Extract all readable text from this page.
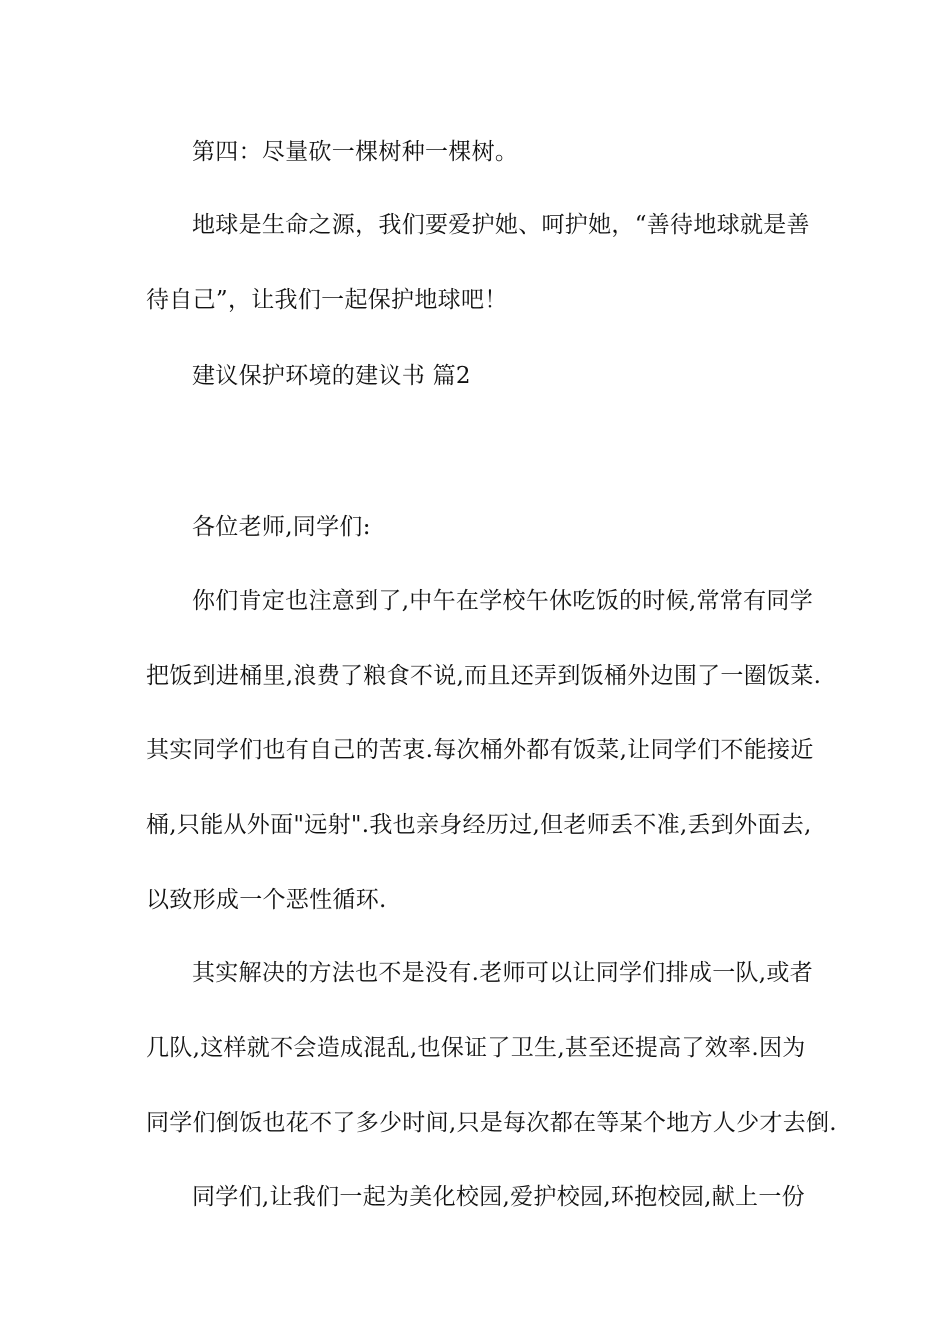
第四：尽量砍一棵树种一棵树。
地球是生命之源，我们要爱护她、呵护她，“善待地球就是善
待自己”，让我们一起保护地球吧！
建议保护环境的建议书 篇2
各位老师,同学们:
你们肯定也注意到了,中午在学校午休吃饭的时候,常常有同学
把饭到进桶里,浪费了粮食不说,而且还弄到饭桶外边围了一圈饭菜.
其实同学们也有自己的苦衷.每次桶外都有饭菜,让同学们不能接近
桶,只能从外面"远射".我也亲身经历过,但老师丢不准,丢到外面去,
以致形成一个恶性循环.
其实解决的方法也不是没有.老师可以让同学们排成一队,或者
几队,这样就不会造成混乱,也保证了卫生,甚至还提高了效率.因为
同学们倒饭也花不了多少时间,只是每次都在等某个地方人少才去倒.
同学们,让我们一起为美化校园,爱护校园,环抱校园,献上一份
